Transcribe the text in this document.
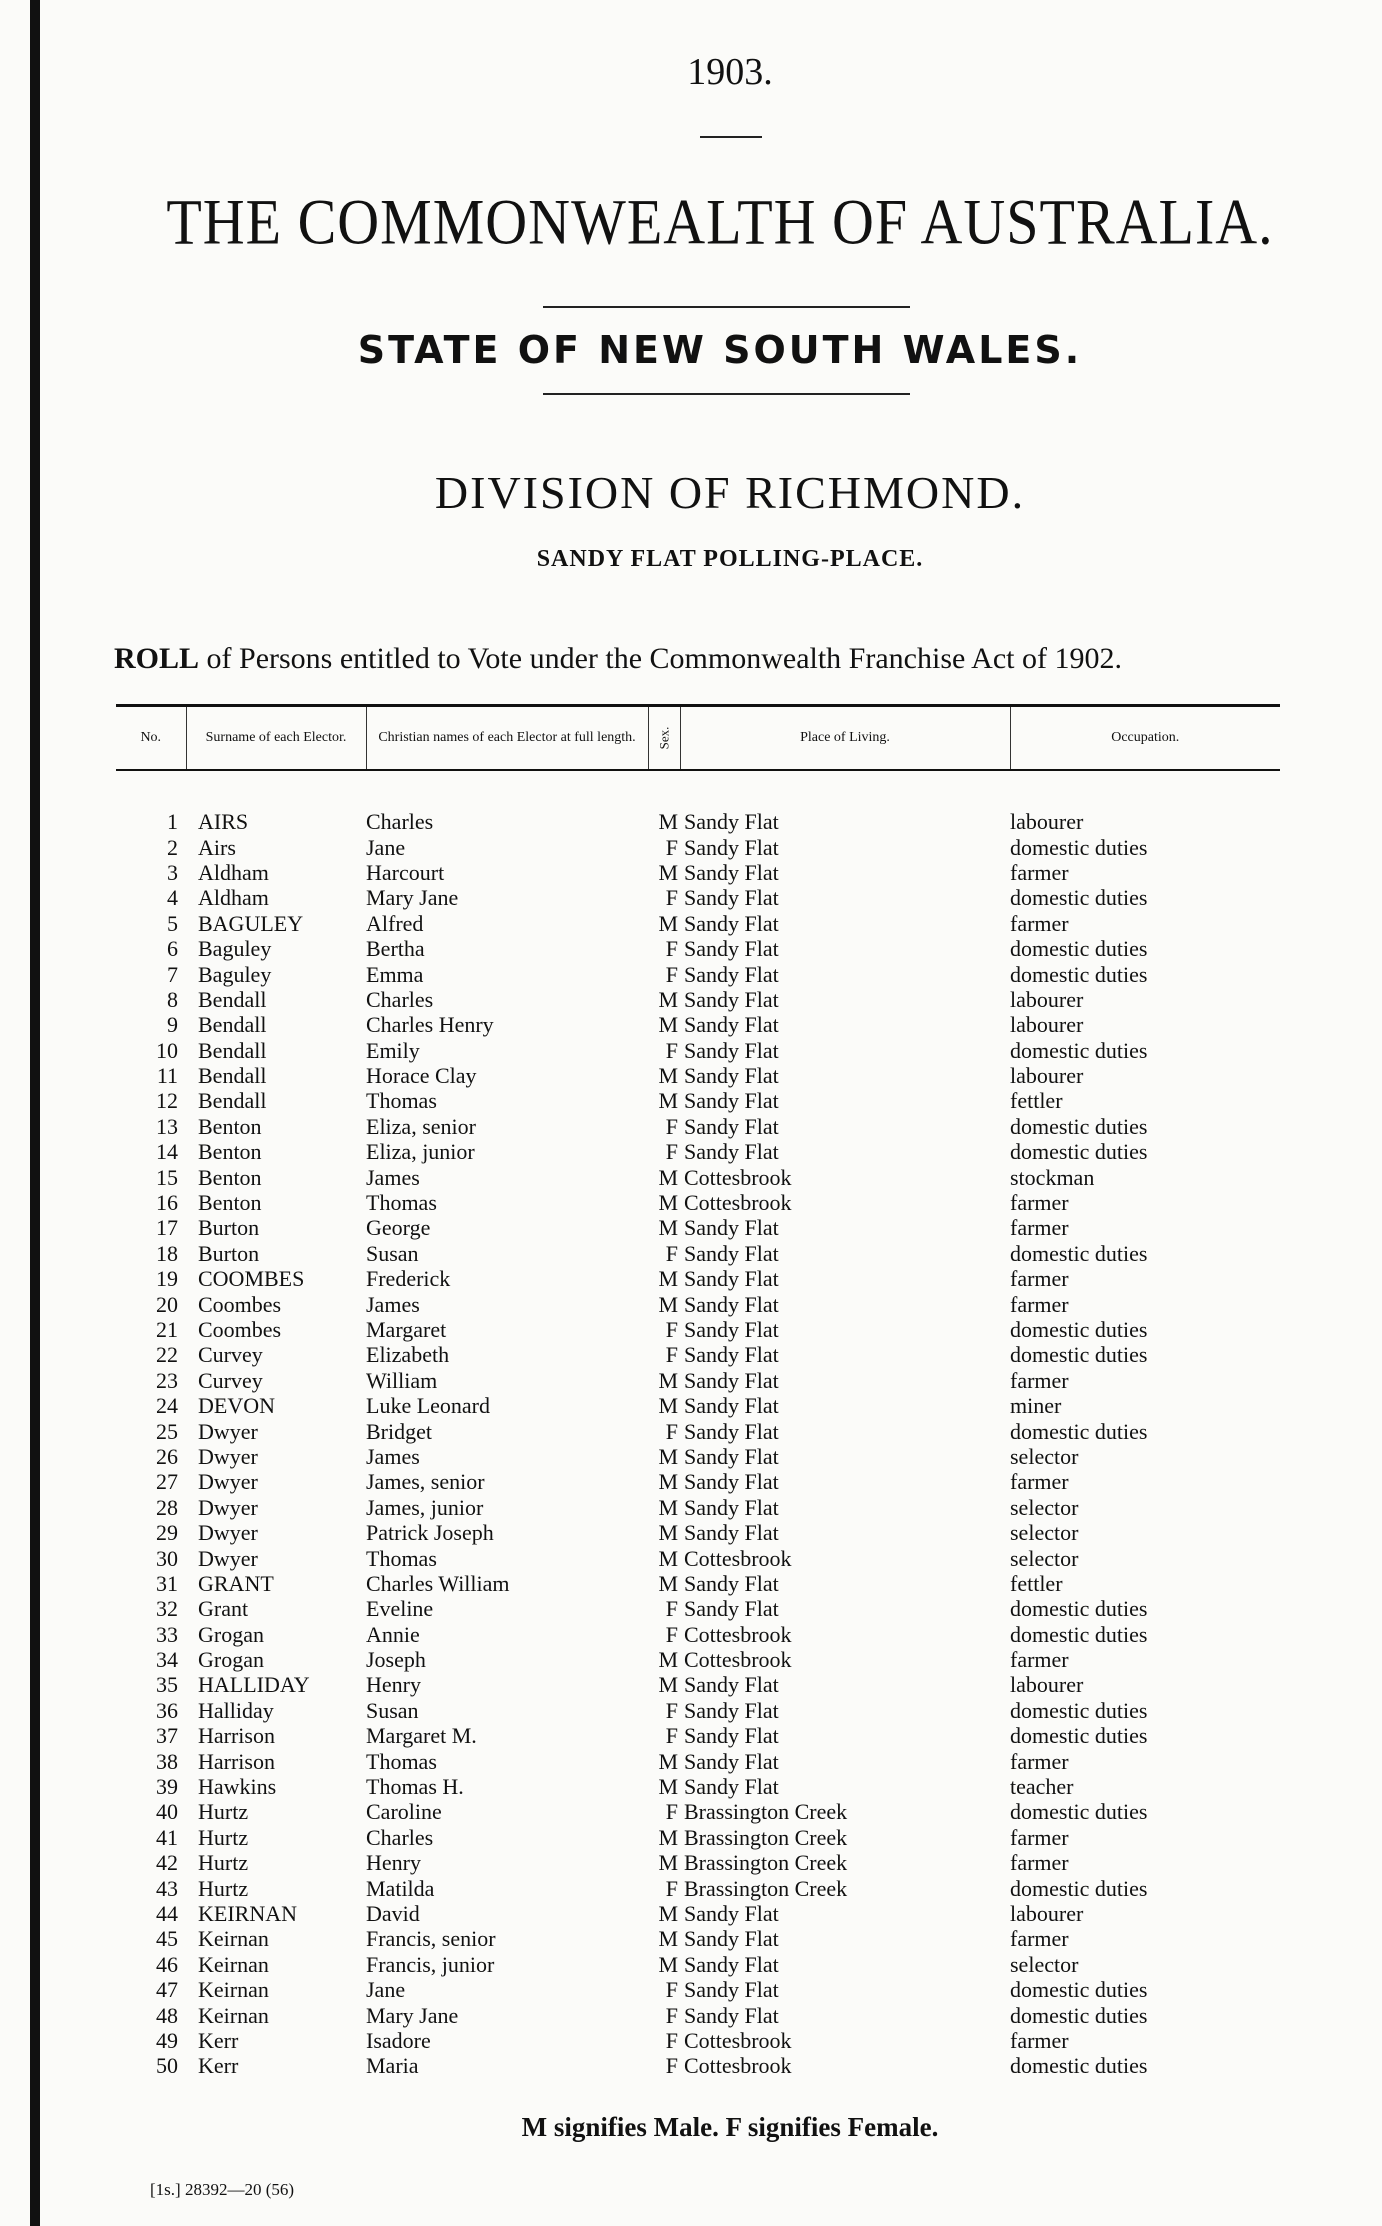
1903.
THE COMMONWEALTH OF AUSTRALIA.
STATE OF NEW SOUTH WALES.
DIVISION OF RICHMOND.
SANDY FLAT POLLING-PLACE.
ROLL of Persons entitled to Vote under the Commonwealth Franchise Act of 1902.
No.	Surname of each Elector.	Christian names of each Elector at full length.	Sex.	Place of Living.	Occupation.

1	AIRS	Charles	M	Sandy Flat	labourer
2	Airs	Jane	F	Sandy Flat	domestic duties
3	Aldham	Harcourt	M	Sandy Flat	farmer
4	Aldham	Mary Jane	F	Sandy Flat	domestic duties
5	BAGULEY	Alfred	M	Sandy Flat	farmer
6	Baguley	Bertha	F	Sandy Flat	domestic duties
7	Baguley	Emma	F	Sandy Flat	domestic duties
8	Bendall	Charles	M	Sandy Flat	labourer
9	Bendall	Charles Henry	M	Sandy Flat	labourer
10	Bendall	Emily	F	Sandy Flat	domestic duties
11	Bendall	Horace Clay	M	Sandy Flat	labourer
12	Bendall	Thomas	M	Sandy Flat	fettler
13	Benton	Eliza, senior	F	Sandy Flat	domestic duties
14	Benton	Eliza, junior	F	Sandy Flat	domestic duties
15	Benton	James	M	Cottesbrook	stockman
16	Benton	Thomas	M	Cottesbrook	farmer
17	Burton	George	M	Sandy Flat	farmer
18	Burton	Susan	F	Sandy Flat	domestic duties
19	COOMBES	Frederick	M	Sandy Flat	farmer
20	Coombes	James	M	Sandy Flat	farmer
21	Coombes	Margaret	F	Sandy Flat	domestic duties
22	Curvey	Elizabeth	F	Sandy Flat	domestic duties
23	Curvey	William	M	Sandy Flat	farmer
24	DEVON	Luke Leonard	M	Sandy Flat	miner
25	Dwyer	Bridget	F	Sandy Flat	domestic duties
26	Dwyer	James	M	Sandy Flat	selector
27	Dwyer	James, senior	M	Sandy Flat	farmer
28	Dwyer	James, junior	M	Sandy Flat	selector
29	Dwyer	Patrick Joseph	M	Sandy Flat	selector
30	Dwyer	Thomas	M	Cottesbrook	selector
31	GRANT	Charles William	M	Sandy Flat	fettler
32	Grant	Eveline	F	Sandy Flat	domestic duties
33	Grogan	Annie	F	Cottesbrook	domestic duties
34	Grogan	Joseph	M	Cottesbrook	farmer
35	HALLIDAY	Henry	M	Sandy Flat	labourer
36	Halliday	Susan	F	Sandy Flat	domestic duties
37	Harrison	Margaret M.	F	Sandy Flat	domestic duties
38	Harrison	Thomas	M	Sandy Flat	farmer
39	Hawkins	Thomas H.	M	Sandy Flat	teacher
40	Hurtz	Caroline	F	Brassington Creek	domestic duties
41	Hurtz	Charles	M	Brassington Creek	farmer
42	Hurtz	Henry	M	Brassington Creek	farmer
43	Hurtz	Matilda	F	Brassington Creek	domestic duties
44	KEIRNAN	David	M	Sandy Flat	labourer
45	Keirnan	Francis, senior	M	Sandy Flat	farmer
46	Keirnan	Francis, junior	M	Sandy Flat	selector
47	Keirnan	Jane	F	Sandy Flat	domestic duties
48	Keirnan	Mary Jane	F	Sandy Flat	domestic duties
49	Kerr	Isadore	F	Cottesbrook	farmer
50	Kerr	Maria	F	Cottesbrook	domestic duties
M signifies Male. F signifies Female.
[1s.] 28392—20 (56)
